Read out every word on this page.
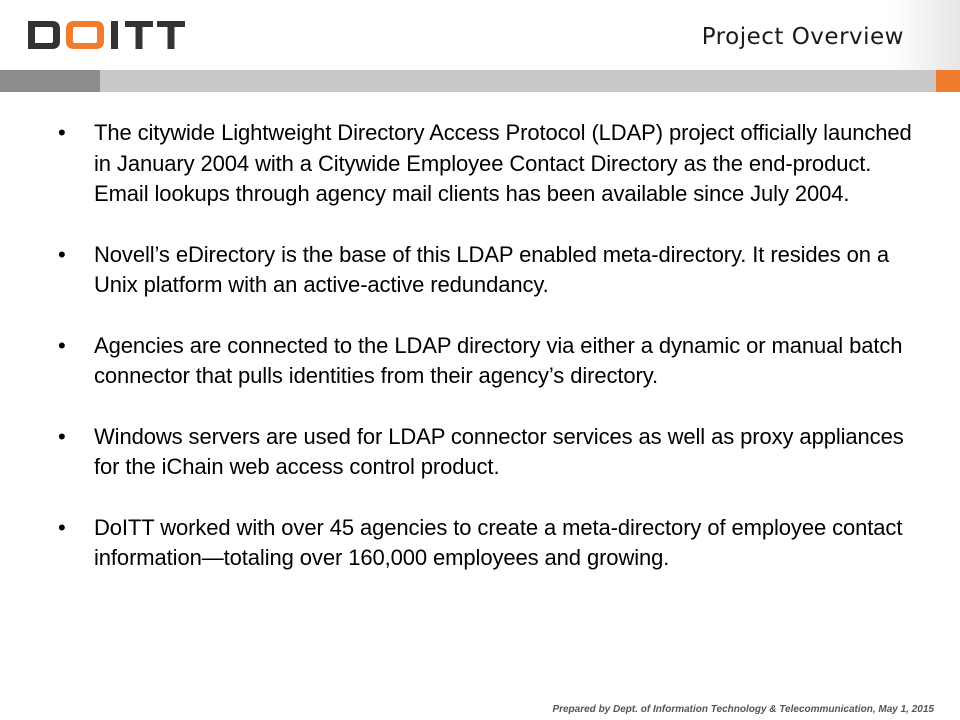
Project Overview
•	The citywide Lightweight Directory Access Protocol (LDAP) project officially launched in January 2004 with a Citywide Employee Contact Directory as the end-product. Email lookups through agency mail clients has been available since July 2004.
•	Novell’s eDirectory is the base of this LDAP enabled meta-directory. It resides on a Unix platform with an active-active redundancy.
•	Agencies are connected to the LDAP directory via either a dynamic or manual batch connector that pulls identities from their agency’s directory.
•	Windows servers are used for LDAP connector services as well as proxy appliances for the iChain web access control product.
•	DoITT worked with over 45 agencies to create a meta-directory of employee contact information—totaling over 160,000 employees and growing.
Prepared by Dept. of Information Technology & Telecommunication, May 1, 2015
